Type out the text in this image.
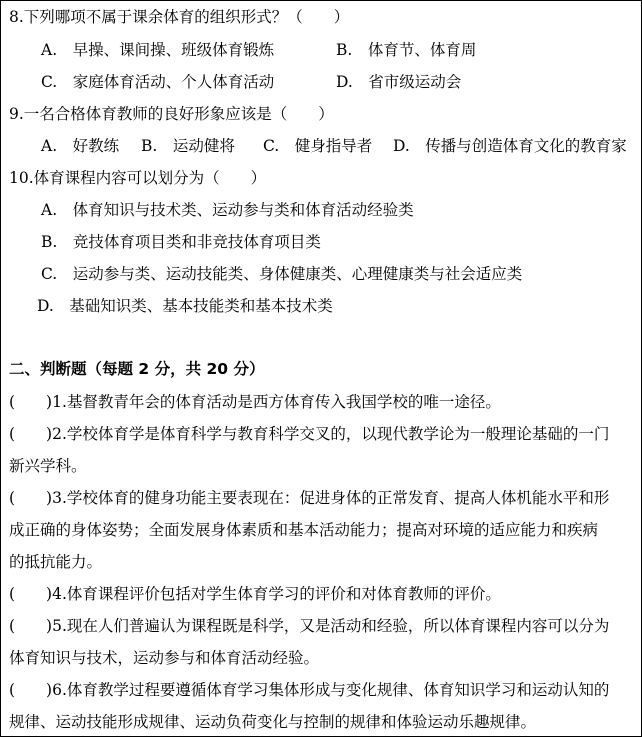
8.下列哪项不属于课余体育的组织形式？（　　）
A.　早操、课间操、班级体育锻炼	B.　体育节、体育周
C.　家庭体育活动、个人体育活动	D.　省市级运动会
9.一名合格体育教师的良好形象应该是（　　）
A.　好教练 B.　运动健将 C.　健身指导者 D.　传播与创造体育文化的教育家
10.体育课程内容可以划分为（　　）
A.　体育知识与技术类、运动参与类和体育活动经验类
B.　竞技体育项目类和非竞技体育项目类
C.　运动参与类、运动技能类、身体健康类、心理健康类与社会适应类
D.　基础知识类、基本技能类和基本技术类
二、判断题（每题 2 分，共 20 分）
(　　)1.基督教青年会的体育活动是西方体育传入我国学校的唯一途径。
(　　)2.学校体育学是体育科学与教育科学交叉的，以现代教学论为一般理论基础的一门
新兴学科。
(　　)3.学校体育的健身功能主要表现在：促进身体的正常发育、提高人体机能水平和形
成正确的身体姿势；全面发展身体素质和基本活动能力；提高对环境的适应能力和疾病
的抵抗能力。
(　　)4.体育课程评价包括对学生体育学习的评价和对体育教师的评价。
(　　)5.现在人们普遍认为课程既是科学，又是活动和经验，所以体育课程内容可以分为
体育知识与技术，运动参与和体育活动经验。
(　　)6.体育教学过程要遵循体育学习集体形成与变化规律、体育知识学习和运动认知的
规律、运动技能形成规律、运动负荷变化与控制的规律和体验运动乐趣规律。
